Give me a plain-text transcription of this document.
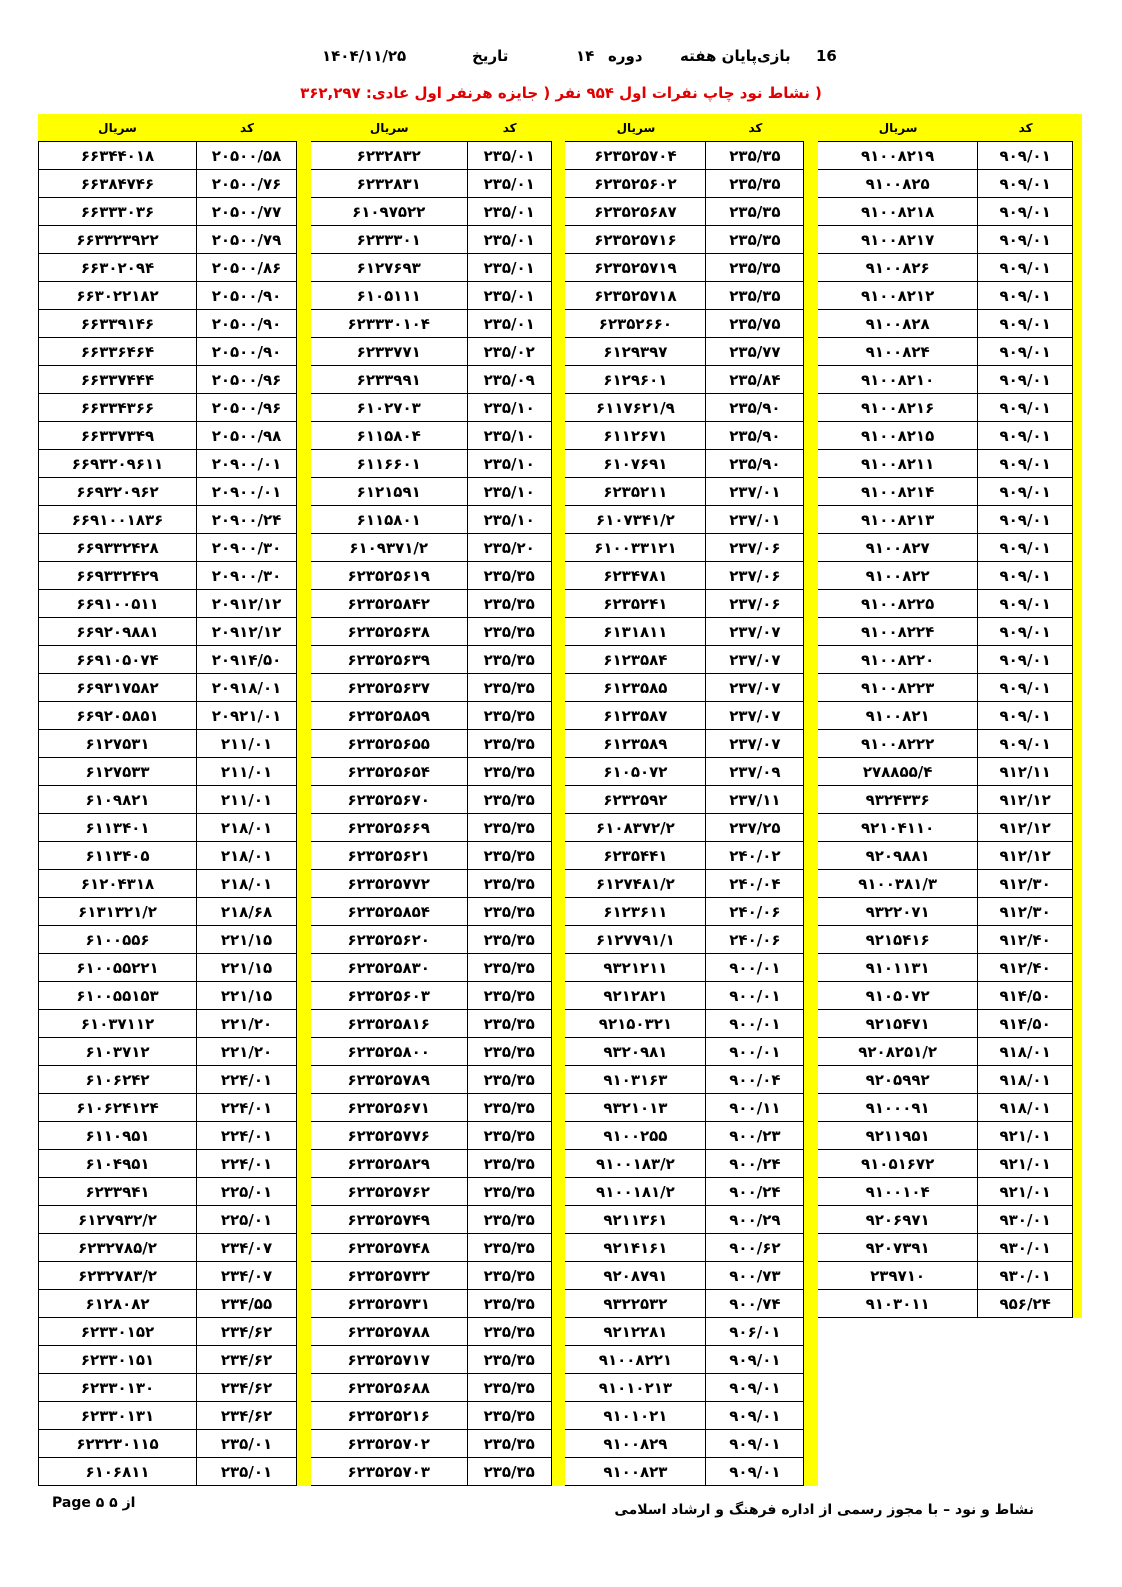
16
بازی‌پایان هفته
دوره
۱۴
تاریخ
۱۴۰۴/۱۱/۲۵
( نشاط نود چاپ نفرات اول ۹۵۴ نفر ( جایزه هرنفر اول عادی: ۳۶۲,۲۹۷
کد
۹۰۹/۰۱
۹۰۹/۰۱
۹۰۹/۰۱
۹۰۹/۰۱
۹۰۹/۰۱
۹۰۹/۰۱
۹۰۹/۰۱
۹۰۹/۰۱
۹۰۹/۰۱
۹۰۹/۰۱
۹۰۹/۰۱
۹۰۹/۰۱
۹۰۹/۰۱
۹۰۹/۰۱
۹۰۹/۰۱
۹۰۹/۰۱
۹۰۹/۰۱
۹۰۹/۰۱
۹۰۹/۰۱
۹۰۹/۰۱
۹۰۹/۰۱
۹۰۹/۰۱
۹۱۲/۱۱
۹۱۲/۱۲
۹۱۲/۱۲
۹۱۲/۱۲
۹۱۲/۳۰
۹۱۲/۳۰
۹۱۲/۴۰
۹۱۲/۴۰
۹۱۴/۵۰
۹۱۴/۵۰
۹۱۸/۰۱
۹۱۸/۰۱
۹۱۸/۰۱
۹۲۱/۰۱
۹۲۱/۰۱
۹۲۱/۰۱
۹۳۰/۰۱
۹۳۰/۰۱
۹۳۰/۰۱
۹۵۶/۲۴
سریال
۹۱۰۰۸۲۱۹
۹۱۰۰۸۲۵
۹۱۰۰۸۲۱۸
۹۱۰۰۸۲۱۷
۹۱۰۰۸۲۶
۹۱۰۰۸۲۱۲
۹۱۰۰۸۲۸
۹۱۰۰۸۲۴
۹۱۰۰۸۲۱۰
۹۱۰۰۸۲۱۶
۹۱۰۰۸۲۱۵
۹۱۰۰۸۲۱۱
۹۱۰۰۸۲۱۴
۹۱۰۰۸۲۱۳
۹۱۰۰۸۲۷
۹۱۰۰۸۲۲
۹۱۰۰۸۲۲۵
۹۱۰۰۸۲۲۴
۹۱۰۰۸۲۲۰
۹۱۰۰۸۲۲۳
۹۱۰۰۸۲۱
۹۱۰۰۸۲۲۲
۲۷۸۸۵۵/۴
۹۳۲۴۳۳۶
۹۲۱۰۴۱۱۰
۹۲۰۹۸۸۱
۹۱۰۰۳۸۱/۳
۹۳۲۲۰۷۱
۹۲۱۵۴۱۶
۹۱۰۱۱۳۱
۹۱۰۵۰۷۲
۹۲۱۵۴۷۱
۹۲۰۸۲۵۱/۲
۹۲۰۵۹۹۲
۹۱۰۰۰۹۱
۹۲۱۱۹۵۱
۹۱۰۵۱۶۷۲
۹۱۰۰۱۰۴
۹۲۰۶۹۷۱
۹۲۰۷۳۹۱
۲۳۹۷۱۰
۹۱۰۳۰۱۱
کد
۲۳۵/۳۵
۲۳۵/۳۵
۲۳۵/۳۵
۲۳۵/۳۵
۲۳۵/۳۵
۲۳۵/۳۵
۲۳۵/۷۵
۲۳۵/۷۷
۲۳۵/۸۴
۲۳۵/۹۰
۲۳۵/۹۰
۲۳۵/۹۰
۲۳۷/۰۱
۲۳۷/۰۱
۲۳۷/۰۶
۲۳۷/۰۶
۲۳۷/۰۶
۲۳۷/۰۷
۲۳۷/۰۷
۲۳۷/۰۷
۲۳۷/۰۷
۲۳۷/۰۷
۲۳۷/۰۹
۲۳۷/۱۱
۲۳۷/۲۵
۲۴۰/۰۲
۲۴۰/۰۴
۲۴۰/۰۶
۲۴۰/۰۶
۹۰۰/۰۱
۹۰۰/۰۱
۹۰۰/۰۱
۹۰۰/۰۱
۹۰۰/۰۴
۹۰۰/۱۱
۹۰۰/۲۳
۹۰۰/۲۴
۹۰۰/۲۴
۹۰۰/۲۹
۹۰۰/۶۲
۹۰۰/۷۳
۹۰۰/۷۴
۹۰۶/۰۱
۹۰۹/۰۱
۹۰۹/۰۱
۹۰۹/۰۱
۹۰۹/۰۱
۹۰۹/۰۱
سریال
۶۲۳۵۲۵۷۰۴
۶۲۳۵۲۵۶۰۲
۶۲۳۵۲۵۶۸۷
۶۲۳۵۲۵۷۱۶
۶۲۳۵۲۵۷۱۹
۶۲۳۵۲۵۷۱۸
۶۲۳۵۲۶۶۰
۶۱۲۹۳۹۷
۶۱۲۹۶۰۱
۶۱۱۷۶۲۱/۹
۶۱۱۲۶۷۱
۶۱۰۷۶۹۱
۶۲۳۵۲۱۱
۶۱۰۷۳۴۱/۲
۶۱۰۰۳۳۱۲۱
۶۲۳۴۷۸۱
۶۲۳۵۲۴۱
۶۱۳۱۸۱۱
۶۱۲۳۵۸۴
۶۱۲۳۵۸۵
۶۱۲۳۵۸۷
۶۱۲۳۵۸۹
۶۱۰۵۰۷۲
۶۲۳۲۵۹۲
۶۱۰۸۳۷۲/۲
۶۲۳۵۴۴۱
۶۱۲۷۴۸۱/۲
۶۱۲۳۶۱۱
۶۱۲۷۷۹۱/۱
۹۳۲۱۲۱۱
۹۲۱۲۸۲۱
۹۲۱۵۰۳۲۱
۹۳۲۰۹۸۱
۹۱۰۳۱۶۳
۹۳۲۱۰۱۳
۹۱۰۰۲۵۵
۹۱۰۰۱۸۳/۲
۹۱۰۰۱۸۱/۲
۹۲۱۱۳۶۱
۹۲۱۴۱۶۱
۹۲۰۸۷۹۱
۹۳۲۲۵۳۲
۹۲۱۲۲۸۱
۹۱۰۰۸۲۲۱
۹۱۰۱۰۲۱۳
۹۱۰۱۰۲۱
۹۱۰۰۸۲۹
۹۱۰۰۸۲۳
کد
۲۳۵/۰۱
۲۳۵/۰۱
۲۳۵/۰۱
۲۳۵/۰۱
۲۳۵/۰۱
۲۳۵/۰۱
۲۳۵/۰۱
۲۳۵/۰۲
۲۳۵/۰۹
۲۳۵/۱۰
۲۳۵/۱۰
۲۳۵/۱۰
۲۳۵/۱۰
۲۳۵/۱۰
۲۳۵/۲۰
۲۳۵/۳۵
۲۳۵/۳۵
۲۳۵/۳۵
۲۳۵/۳۵
۲۳۵/۳۵
۲۳۵/۳۵
۲۳۵/۳۵
۲۳۵/۳۵
۲۳۵/۳۵
۲۳۵/۳۵
۲۳۵/۳۵
۲۳۵/۳۵
۲۳۵/۳۵
۲۳۵/۳۵
۲۳۵/۳۵
۲۳۵/۳۵
۲۳۵/۳۵
۲۳۵/۳۵
۲۳۵/۳۵
۲۳۵/۳۵
۲۳۵/۳۵
۲۳۵/۳۵
۲۳۵/۳۵
۲۳۵/۳۵
۲۳۵/۳۵
۲۳۵/۳۵
۲۳۵/۳۵
۲۳۵/۳۵
۲۳۵/۳۵
۲۳۵/۳۵
۲۳۵/۳۵
۲۳۵/۳۵
۲۳۵/۳۵
سریال
۶۲۳۲۸۳۲
۶۲۳۲۸۳۱
۶۱۰۹۷۵۲۲
۶۲۳۳۳۰۱
۶۱۲۷۶۹۳
۶۱۰۵۱۱۱
۶۲۳۳۳۰۱۰۴
۶۲۳۳۷۷۱
۶۲۳۳۹۹۱
۶۱۰۲۷۰۳
۶۱۱۵۸۰۴
۶۱۱۶۶۰۱
۶۱۲۱۵۹۱
۶۱۱۵۸۰۱
۶۱۰۹۳۷۱/۲
۶۲۳۵۲۵۶۱۹
۶۲۳۵۲۵۸۴۲
۶۲۳۵۲۵۶۳۸
۶۲۳۵۲۵۶۳۹
۶۲۳۵۲۵۶۳۷
۶۲۳۵۲۵۸۵۹
۶۲۳۵۲۵۶۵۵
۶۲۳۵۲۵۶۵۴
۶۲۳۵۲۵۶۷۰
۶۲۳۵۲۵۶۶۹
۶۲۳۵۲۵۶۲۱
۶۲۳۵۲۵۷۷۲
۶۲۳۵۲۵۸۵۴
۶۲۳۵۲۵۶۲۰
۶۲۳۵۲۵۸۳۰
۶۲۳۵۲۵۶۰۳
۶۲۳۵۲۵۸۱۶
۶۲۳۵۲۵۸۰۰
۶۲۳۵۲۵۷۸۹
۶۲۳۵۲۵۶۷۱
۶۲۳۵۲۵۷۷۶
۶۲۳۵۲۵۸۲۹
۶۲۳۵۲۵۷۶۲
۶۲۳۵۲۵۷۴۹
۶۲۳۵۲۵۷۴۸
۶۲۳۵۲۵۷۳۲
۶۲۳۵۲۵۷۳۱
۶۲۳۵۲۵۷۸۸
۶۲۳۵۲۵۷۱۷
۶۲۳۵۲۵۶۸۸
۶۲۳۵۲۵۲۱۶
۶۲۳۵۲۵۷۰۲
۶۲۳۵۲۵۷۰۳
کد
۲۰۵۰۰/۵۸
۲۰۵۰۰/۷۶
۲۰۵۰۰/۷۷
۲۰۵۰۰/۷۹
۲۰۵۰۰/۸۶
۲۰۵۰۰/۹۰
۲۰۵۰۰/۹۰
۲۰۵۰۰/۹۰
۲۰۵۰۰/۹۶
۲۰۵۰۰/۹۶
۲۰۵۰۰/۹۸
۲۰۹۰۰/۰۱
۲۰۹۰۰/۰۱
۲۰۹۰۰/۲۴
۲۰۹۰۰/۳۰
۲۰۹۰۰/۳۰
۲۰۹۱۲/۱۲
۲۰۹۱۲/۱۲
۲۰۹۱۴/۵۰
۲۰۹۱۸/۰۱
۲۰۹۲۱/۰۱
۲۱۱/۰۱
۲۱۱/۰۱
۲۱۱/۰۱
۲۱۸/۰۱
۲۱۸/۰۱
۲۱۸/۰۱
۲۱۸/۶۸
۲۲۱/۱۵
۲۲۱/۱۵
۲۲۱/۱۵
۲۲۱/۲۰
۲۲۱/۲۰
۲۲۴/۰۱
۲۲۴/۰۱
۲۲۴/۰۱
۲۲۴/۰۱
۲۲۵/۰۱
۲۲۵/۰۱
۲۳۴/۰۷
۲۳۴/۰۷
۲۳۴/۵۵
۲۳۴/۶۲
۲۳۴/۶۲
۲۳۴/۶۲
۲۳۴/۶۲
۲۳۵/۰۱
۲۳۵/۰۱
سریال
۶۶۳۴۴۰۱۸
۶۶۳۸۴۷۴۶
۶۶۳۳۳۰۳۶
۶۶۳۳۲۳۹۲۲
۶۶۳۰۲۰۹۴
۶۶۳۰۲۲۱۸۲
۶۶۳۳۹۱۴۶
۶۶۳۳۶۴۶۴
۶۶۳۳۷۴۴۴
۶۶۳۳۴۳۶۶
۶۶۳۳۷۳۴۹
۶۶۹۳۲۰۹۶۱۱
۶۶۹۳۲۰۹۶۲
۶۶۹۱۰۰۱۸۳۶
۶۶۹۳۳۲۴۲۸
۶۶۹۳۳۲۴۲۹
۶۶۹۱۰۰۵۱۱
۶۶۹۲۰۹۸۸۱
۶۶۹۱۰۵۰۷۴
۶۶۹۳۱۷۵۸۲
۶۶۹۲۰۵۸۵۱
۶۱۲۷۵۳۱
۶۱۲۷۵۳۳
۶۱۰۹۸۲۱
۶۱۱۳۴۰۱
۶۱۱۳۴۰۵
۶۱۲۰۴۳۱۸
۶۱۳۱۳۲۱/۲
۶۱۰۰۵۵۶
۶۱۰۰۵۵۲۲۱
۶۱۰۰۵۵۱۵۳
۶۱۰۳۷۱۱۲
۶۱۰۳۷۱۲
۶۱۰۶۲۴۲
۶۱۰۶۲۴۱۲۴
۶۱۱۰۹۵۱
۶۱۰۴۹۵۱
۶۲۳۳۹۴۱
۶۱۲۷۹۳۲/۲
۶۲۳۲۷۸۵/۲
۶۲۳۲۷۸۳/۲
۶۱۲۸۰۸۲
۶۲۳۳۰۱۵۲
۶۲۳۳۰۱۵۱
۶۲۳۳۰۱۳۰
۶۲۳۳۰۱۳۱
۶۲۳۲۳۰۱۱۵
۶۱۰۶۸۱۱
Page ۵ از ۵	نشاط و نود – با مجوز رسمی از اداره فرهنگ و ارشاد اسلامی
